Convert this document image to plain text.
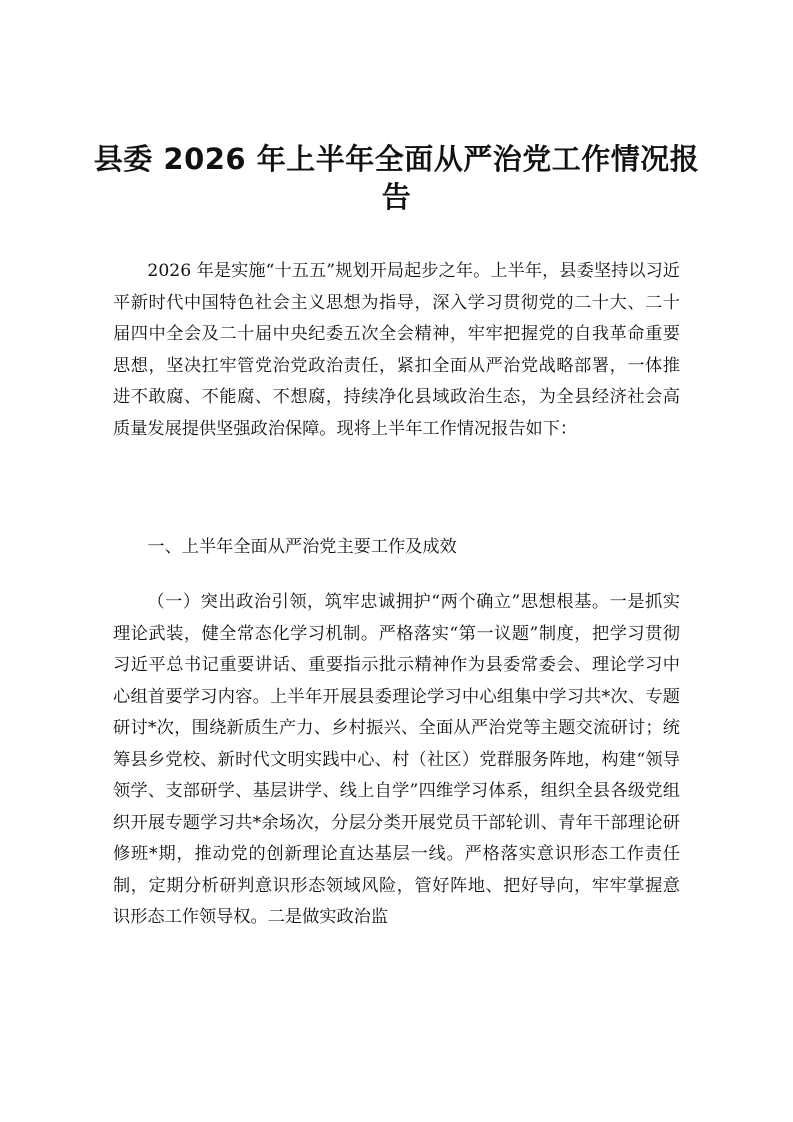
县委 2026 年上半年全面从严治党工作情况报告

2026 年是实施“十五五”规划开局起步之年。上半年，县委坚持以习近平新时代中国特色社会主义思想为指导，深入学习贯彻党的二十大、二十届四中全会及二十届中央纪委五次全会精神，牢牢把握党的自我革命重要思想，坚决扛牢管党治党政治责任，紧扣全面从严治党战略部署，一体推进不敢腐、不能腐、不想腐，持续净化县域政治生态，为全县经济社会高质量发展提供坚强政治保障。现将上半年工作情况报告如下：

一、上半年全面从严治党主要工作及成效

（一）突出政治引领，筑牢忠诚拥护“两个确立”思想根基。一是抓实理论武装，健全常态化学习机制。严格落实“第一议题”制度，把学习贯彻习近平总书记重要讲话、重要指示批示精神作为县委常委会、理论学习中心组首要学习内容。上半年开展县委理论学习中心组集中学习共*次、专题研讨*次，围绕新质生产力、乡村振兴、全面从严治党等主题交流研讨；统筹县乡党校、新时代文明实践中心、村（社区）党群服务阵地，构建“领导领学、支部研学、基层讲学、线上自学”四维学习体系，组织全县各级党组织开展专题学习共*余场次，分层分类开展党员干部轮训、青年干部理论研修班*期，推动党的创新理论直达基层一线。严格落实意识形态工作责任制，定期分析研判意识形态领域风险，管好阵地、把好导向，牢牢掌握意识形态工作领导权。二是做实政治监
